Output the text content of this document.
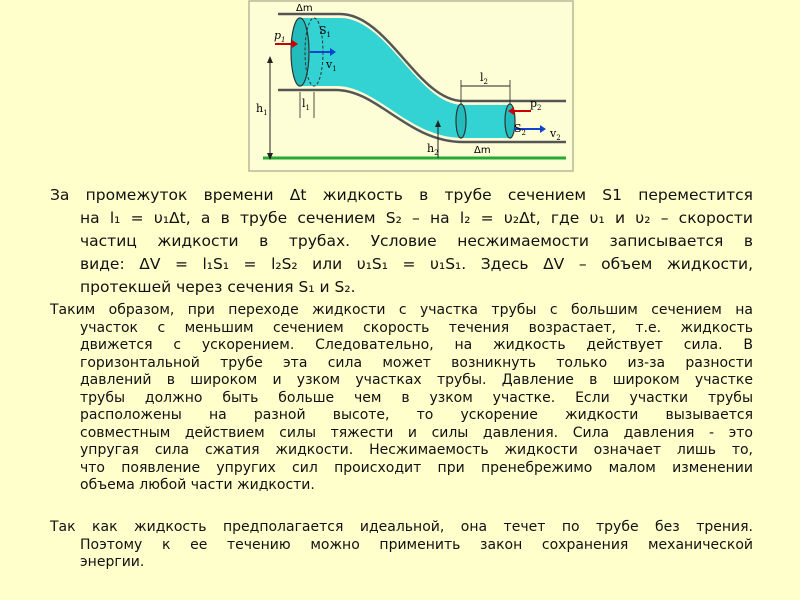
Δm
$p_1$
$S_1$
$v_1$
$h_1$
$l_1$
$l_2$
$p_2$
$S_2$ $v_2$
$h_2$	Δm
За промежуток времени Δt жидкость в трубе сечением S1 переместится
на l₁ = υ₁Δt, а в трубе сечением S₂ – на l₂ = υ₂Δt, где υ₁ и υ₂ – скорости
частиц жидкости в трубах. Условие несжимаемости записывается в
виде: ΔV = l₁S₁ = l₂S₂ или υ₁S₁ = υ₁S₁. Здесь ΔV – объем жидкости,
протекшей через сечения S₁ и S₂.
Таким образом, при переходе жидкости с участка трубы с большим сечением на
участок с меньшим сечением скорость течения возрастает, т.е. жидкость
движется с ускорением. Следовательно, на жидкость действует сила. В
горизонтальной трубе эта сила может возникнуть только из-за разности
давлений в широком и узком участках трубы. Давление в широком участке
трубы должно быть больше чем в узком участке. Если участки трубы
расположены на разной высоте, то ускорение жидкости вызывается
совместным действием силы тяжести и силы давления. Сила давления - это
упругая сила сжатия жидкости. Несжимаемость жидкости означает лишь то,
что появление упругих сил происходит при пренебрежимо малом изменении
объема любой части жидкости.
Так как жидкость предполагается идеальной, она течет по трубе без трения.
Поэтому к ее течению можно применить закон сохранения механической
энергии.
